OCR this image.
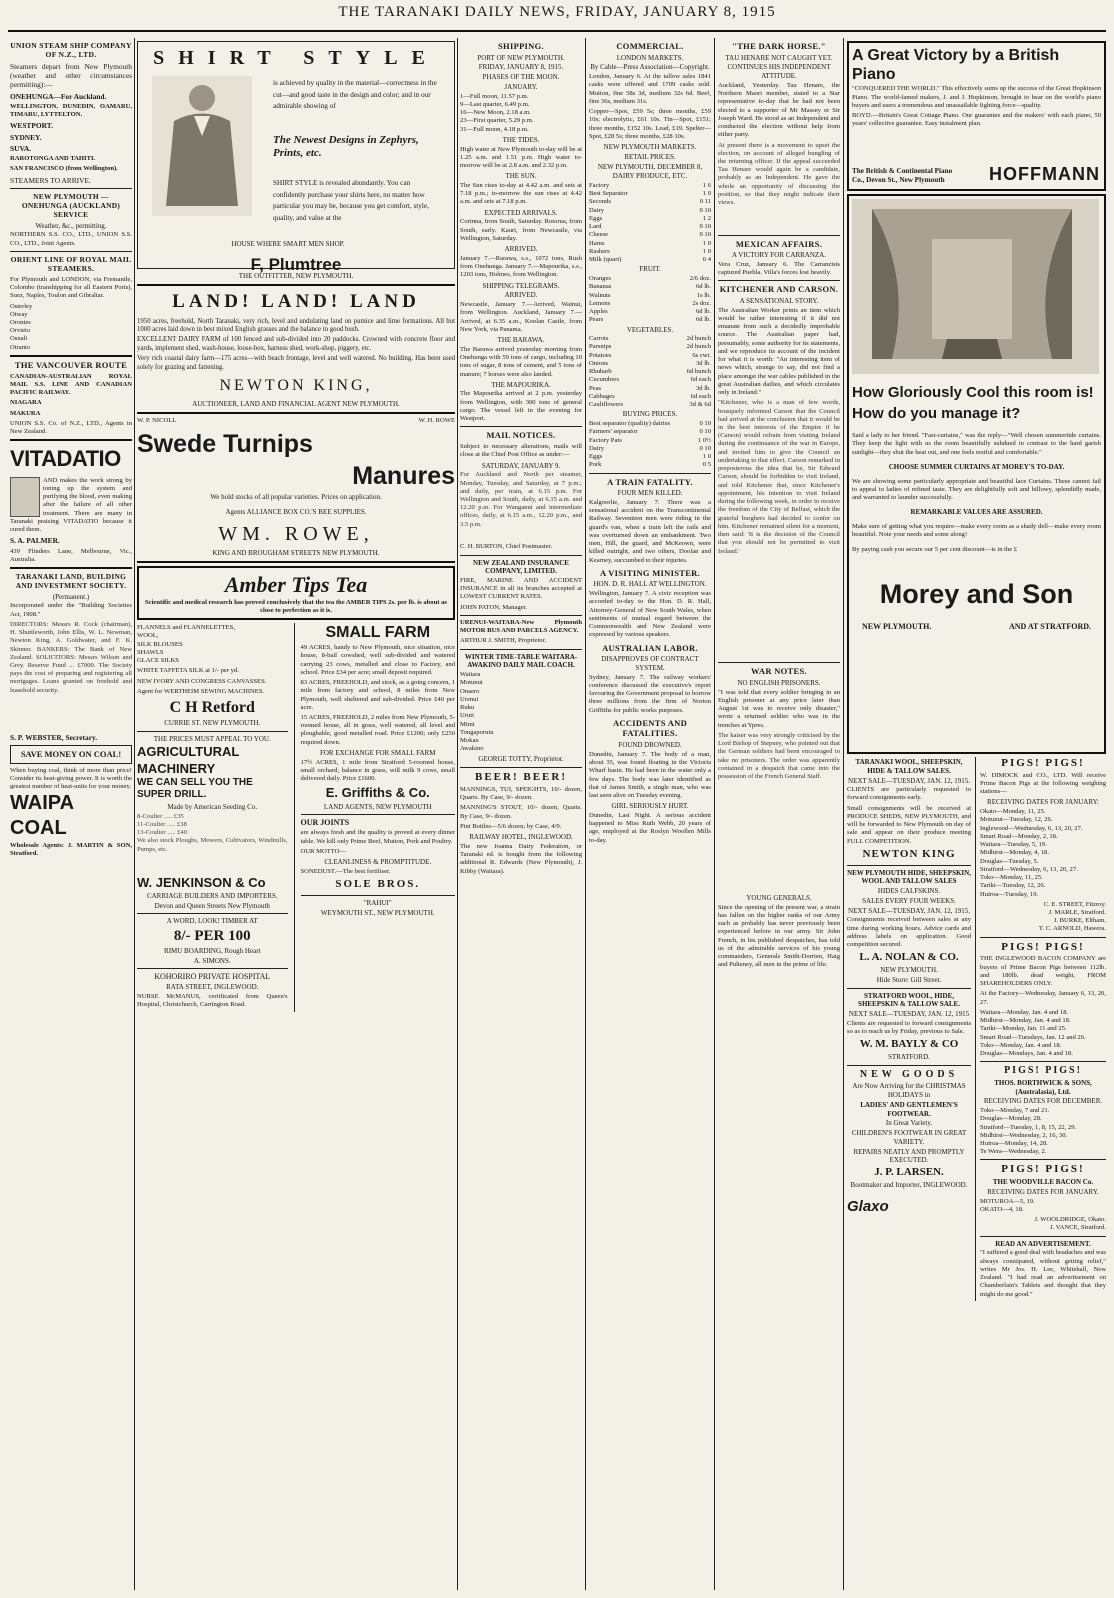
THE TARANAKI DAILY NEWS, FRIDAY, JANUARY 8, 1915
UNION STEAM SHIP COMPANY OF N.Z., LTD.
Steamers depart from New Plymouth (weather and other circumstances permitting):—
ONEHUNGA—For Auckland.
WELLINGTON, DUNEDIN, OAMARU, TIMARU, LYTTELTON.
WESTPORT.
SYDNEY.
SUVA.
RAROTONGA AND TAHITI.
SAN FRANCISCO (from Wellington).
STEAMERS TO ARRIVE.
NEW PLYMOUTH — ONEHUNGA (AUCKLAND) SERVICE
Weather, &c., permitting.
NORTHERN S.S. CO., LTD., UNION S.S. CO., LTD., Joint Agents.
ORIENT LINE OF ROYAL MAIL STEAMERS.
For Plymouth and LONDON, via Fremantle, Colombo (transhipping for all Eastern Ports), Suez, Naples, Toulon and Gibraltar.
Osterley
Otway
Orontes
Orvieto
Osnali
Otranto
THE VANCOUVER ROUTE
CANADIAN-AUSTRALIAN ROYAL MAIL S.S. LINE AND CANADIAN PACIFIC RAILWAY.
NIAGARA
MAKURA
UNION S.S. Co. of N.Z., LTD., Agents in New Zealand.
VITADATIO
AND makes the work strong by toning up the system and purifying the blood, even making after the failure of all other treatment. There are many in Taranaki praising VITADATIO because it cured them.
S. A. PALMER.
439 Flinders Lane, Melbourne, Vic., Australia.
TARANAKI LAND, BUILDING AND INVESTMENT SOCIETY.
(Permanent.)
Incorporated under the "Building Societies Act, 1908."
DIRECTORS: Messrs R. Cock (chairman), H. Shuttleworth, John Ellis, W. L. Newman, Newton King, A. Goldwater, and F. K. Skinner. BANKERS: The Bank of New Zealand. SOLICITORS: Messrs Wilson and Grey. Reserve Fund ... £7000. The Society pays the cost of preparing and registering all mortgages. Loans granted on freehold and leasehold security.
S. P. WEBSTER, Secretary.
SAVE MONEY ON COAL!
When buying coal, think of more than price! Consider its heat-giving power. It is worth the greatest number of heat-units for your money.
WAIPA COAL
Wholesale Agents: J. MARTIN & SON, Stratford.
SHIRT STYLE
is achieved by quality in the material—correctness in the cut—and good taste in the design and color; and in our admirable showing of
The Newest Designs in Zephyrs, Prints, etc.
SHIRT STYLE is revealed abundantly. You can confidently purchase your shirts here, no matter how particular you may be, because you get comfort, style, quality, and value at the
HOUSE WHERE SMART MEN SHOP.
F, Plumtree
THE OUTFITTER, NEW PLYMOUTH.
LAND! LAND! LAND
1950 acres, freehold, North Taranaki, very rich, level and undulating land on pumice and lime formations. All but 1000 acres laid down in best mixed English grasses and the balance in good bush.
EXCELLENT DAIRY FARM of 100 fenced and sub-divided into 20 paddocks. Crowned with concrete floor and yards, implement shed, wash-house, loose-box, harness shed, work-shop, piggery, etc.
Very rich coastal dairy farm—175 acres—with beach frontage, level and well watered. No building. Has been used solely for grazing and fattening.
NEWTON KING,
AUCTIONEER, LAND AND FINANCIAL AGENT NEW PLYMOUTH.
W. P. NICOLL	W. H. ROWE
Swede Turnips
Manures
We hold stocks of all popular varieties. Prices on application.
Agents ALLIANCE BOX CO.'S BEE SUPPLIES.
WM. ROWE,
KING AND BROUGHAM STREETS NEW PLYMOUTH.
Amber Tips Tea
Scientific and medical research has proved conclusively that the tea the AMBER TIPS 2s. per lb. is about as close to perfection as it is.
FLANNELS and FLANNELETTES,
WOOL,
SILK BLOUSES
SHAWLS
GLACE SILKS
WHITE TAFFETA SILK at 1/- per yd.
NEW IVORY AND CONGRESS CANVASSES.
Agent for WERTHEIM SEWING MACHINES.
C H Retford
CURRIE ST. NEW PLYMOUTH.
THE PRICES MUST APPEAL TO YOU.
AGRICULTURAL MACHINERY
WE CAN SELL YOU THE SUPER DRILL.
Made by American Seeding Co.
8-Coulter ..... £35
11-Coulter ..... £38
13-Coulter ..... £40
We also stock Ploughs, Mowers, Cultivators, Windmills, Pumps, etc.
W. JENKINSON & Co
CARRIAGE BUILDERS AND IMPORTERS.
Devon and Queen Streets New Plymouth
A WORD, LOOK! TIMBER AT
8/- PER 100
RIMU BOARDING, Rough Heart
A. SIMONS.
KOHORIRO PRIVATE HOSPITAL
RATA STREET, INGLEWOOD.
NURSE McMANUS, certificated from Queen's Hospital, Christchurch, Carrington Road.
SMALL FARM
49 ACRES, handy to New Plymouth, nice situation, nice house, 8-bail cowshed, well sub-divided and watered carrying 23 cows, metalled and close to Factory, and school. Price £34 per acre; small deposit required.
83 ACRES, FREEHOLD, and stock, as a going concern, 1 mile from factory and school, 8 miles from New Plymouth, well sheltered and sub-divided. Price £40 per acre.
15 ACRES, FREEHOLD, 2 miles from New Plymouth, 5-roomed house, all in grass, well watered, all level and ploughable, good metalled road. Price £1200; only £250 required down.
FOR EXCHANGE FOR SMALL FARM
17½ ACRES, 1 mile from Stratford 5-roomed house, small orchard, balance in grass, will milk 9 cows, small delivered daily. Price £1600.
E. Griffiths & Co.
LAND AGENTS, NEW PLYMOUTH
OUR JOINTS
are always fresh and the quality is proved at every dinner table. We kill only Prime Beef, Mutton, Pork and Poultry.
OUR MOTTO—
CLEANLINESS & PROMPTITUDE.
SONEDUST.—The best fertiliser.
SOLE BROS.
"RAHUI"
WEYMOUTH ST., NEW PLYMOUTH.
SHIPPING.
PORT OF NEW PLYMOUTH.
FRIDAY, JANUARY 8, 1915.
PHASES OF THE MOON.
JANUARY.
1—Full moon, 11.57 p.m.
9—Last quarter, 6.49 p.m.
16—New Moon, 2.18 a.m.
23—First quarter, 5.29 p.m.
31—Full moon, 4.18 p.m.
THE TIDES.
High water at New Plymouth to-day will be at 1.25 a.m. and 1.51 p.m. High water to-morrow will be at 2.8 a.m. and 2.32 p.m.
THE SUN.
The Sun rises to-day at 4.42 a.m. and sets at 7.18 p.m.; to-morrow the sun rises at 4.42 a.m. and sets at 7.18 p.m.
EXPECTED ARRIVALS.
Corinna, from South, Saturday. Rotorua, from South, early. Kauri, from Newcastle, via Wellington, Saturday.
ARRIVED.
January 7.—Rarawa, s.s., 1072 tons, Rush from Onehunga. January 7.—Mapourika, s.s., 1203 tons, Holmes, from Wellington.
SHIPPING TELEGRAMS.
ARRIVED.
Newcastle, January 7.—Arrived, Wainui, from Wellington. Auckland, January 7.—Arrived, at 6.35 a.m., Koolan Castle, from New York, via Panama.
THE BARAWA.
The Barawa arrived yesterday morning from Onehunga with 59 tons of cargo, including 10 tons of sugar, 8 tons of cement, and 5 tons of manure; 7 horses were also landed.
THE MAPOURIKA.
The Mapourika arrived at 2 p.m. yesterday from Wellington, with 300 tons of general cargo. The vessel left in the evening for Westport.
MAIL NOTICES.
Subject to necessary alterations, mails will close at the Chief Post Office as under:—
SATURDAY, JANUARY 9.
For Auckland and North per steamer, Monday, Tuesday, and Saturday, at 7 p.m.; and daily, per train, at 6.15 p.m. For Wellington and South, daily, at 6.15 a.m. and 12.20 p.m. For Wanganui and intermediate offices, daily, at 6.15 a.m., 12.20 p.m., and 3.5 p.m.
C. H. BURTON, Chief Postmaster.
NEW ZEALAND INSURANCE COMPANY, LIMITED.
FIRE, MARINE AND ACCIDENT INSURANCE in all its branches accepted at LOWEST CURRENT RATES.
JOHN PATON, Manager.
URENUI-WAITARA-New Plymouth MOTOR BUS AND PARCELS AGENCY.
ARTHUR J. SMITH, Proprietor.
WINTER TIME-TABLE WAITARA-AWAKINO DAILY MAIL COACH.
Waitara
Motunui
Onaero
Urenui
Ruku
Uruti
Mimi
Tongaporutu
Mokau
Awakino
GEORGE TOTTY, Proprietor.
BEER! BEER!
MANNINGS, TUI, SPEIGHTS, 10/- dozen, Quarts. By Case, 9/- dozen.
MANNING'S STOUT, 10/- dozen, Quarts. By Case, 9/- dozen.
Pint Bottles—5/6 dozen; by Case, 4/9.
RAILWAY HOTEL, INGLEWOOD.
The new Joanna Dairy Federation, or Taranaki ed. is bought from the following additional R. Edwards (New Plymouth), J. Kibby (Waitara).
COMMERCIAL.
LONDON MARKETS.
By Cable—Press Association—Copyright.
London, January 6. At the tallow sales 1841 casks were offered and 1709 casks sold. Mutton, fine 58s 3d, medium 32s 6d. Beef, fine 36s, medium 31s.
Copper—Spot, £59 5s; three months, £59 10s; electrolytic, £61 10s. Tin—Spot, £151; three months, £152 10s. Lead, £19. Spelter—Spot, £28 5s; three months, £28 10s.
NEW PLYMOUTH MARKETS.
RETAIL PRICES.
NEW PLYMOUTH, DECEMBER 8,
DAIRY PRODUCE, ETC.
Factory	1 6
Best Separator	1 0
Seconds	0 11
Dairy	0 10
Eggs	1 2
Lard	0 10
Cheese	0 10
Hams	1 0
Rashers	1 0
Milk (quart)	0 4
FRUIT.
Oranges	2/6 doz.
Bananas	6d lb.
Walnuts	1s lb.
Lemons	2s doz.
Apples	6d lb.
Pears	6d lb.
VEGETABLES.
Carrots	2d bunch
Parsnips	2d bunch
Potatoes	6s cwt.
Onions	3d lb.
Rhubarb	6d bunch
Cucumbers	6d each
Peas	3d lb.
Cabbages	6d each
Cauliflowers	3d & 6d
BUYING PRICES.
Best separator (quality) dairies	0 10
Farmers' separator	0 10
Factory Pats	1 0½
Dairy	0 10
Eggs	1 0
Pork	0 5
A TRAIN FATALITY.
FOUR MEN KILLED.
Kalgoorlie, January 7. There was a sensational accident on the Transcontinental Railway. Seventeen men were riding in the guard's van, when a train left the rails and was overturned down an embankment. Two men, Hill, the guard, and McKeown, were killed outright, and two others, Doolan and Kearney, succumbed to their injuries.
A VISITING MINISTER.
HON. D. R. HALL AT WELLINGTON.
Wellington, January 7. A civic reception was accorded to-day to the Hon. D. R. Hall, Attorney-General of New South Wales, when sentiments of mutual regard between the Commonwealth and New Zealand were expressed by various speakers.
AUSTRALIAN LABOR.
DISAPPROVES OF CONTRACT SYSTEM.
Sydney, January 7. The railway workers' conference discussed the executive's report favouring the Government proposal to borrow three millions from the firm of Norton Griffiths for public works purposes.
ACCIDENTS AND FATALITIES.
FOUND DROWNED.
Dunedin, January 7. The body of a man, about 35, was found floating in the Victoria Wharf basin. He had been in the water only a few days. The body was later identified as that of James Smith, a single man, who was last seen alive on Tuesday evening.
GIRL SERIOUSLY HURT.
Dunedin, Last Night. A serious accident happened to Miss Ruth Webb, 20 years of age, employed at the Roslyn Woollen Mills to-day.
"THE DARK HORSE."
TAU HENARE NOT CAUGHT YET.
CONTINUES HIS INDEPENDENT ATTITUDE.
Auckland, Yesterday. Tau Henare, the Northern Maori member, stated to a Star representative to-day that he had not been elected to a supporter of Mr Massey or Sir Joseph Ward. He stood as an Independent and conducted the election without help from either party.
At present there is a movement to upset the election, on account of alleged bungling of the returning officer. If the appeal succeeded Tau Henare would again be a candidate, probably as an Independent. He gave the whole an opportunity of discussing the position, so that they might indicate their views.
MEXICAN AFFAIRS.
A VICTORY FOR CARRANZA.
Vera Cruz, January 6. The Carranzists captured Puebla. Villa's forces lost heavily.
KITCHENER AND CARSON.
A SENSATIONAL STORY.
The Australian Worker prints an item which would be rather interesting if it did not emanate from such a decidedly improbable source. The Australian paper had, presumably, some authority for its statements, and we reproduce its account of the incident for what it is worth: "An interesting item of news which, strange to say, did not find a place amongst the war cables published in the great Australian dailies, and which circulates only in Ireland."
"Kitchener, who is a man of few words, brusquely informed Carson that the Council had arrived at the conclusion that it would be in the best interests of the Empire if he (Carson) would refrain from visiting Ireland during the continuance of the war in Europe, and invited him to give the Council an undertaking to that effect. Carson remarked in preposterous the idea that he, Sir Edward Carson, should be forbidden to visit Ireland, and told Kitchener that, since Kitchener's appointment, his intention to visit Ireland during the following week, in order to receive the freedom of the City of Belfast, which the grateful burghers had decided to confer on him. Kitchener remained silent for a moment, then said: 'It is the decision of the Council that you should not be permitted to visit Ireland.'
WAR NOTES.
NO ENGLISH PRISONERS.
"I was told that every soldier bringing in an English prisoner at any price later than August 1st was to receive only disaster," wrote a returned soldier who was in the trenches at Ypres.
The kaiser was very strongly criticised by the Lord Bishop of Stepney, who pointed out that the German soldiers had been encouraged to take no prisoners. The order was apparently contained in a despatch that came into the possession of the French General Staff.
YOUNG GENERALS.
Since the opening of the present war, a strain has fallen on the higher ranks of our Army such as probably has never previously been experienced before in our army. Sir John French, in his published despatches, has told us of the admirable services of his young commanders, Generals Smith-Dorrien, Haig and Pulteney, all men in the prime of life.
A Great Victory by a British Piano
"CONQUERED THE WORLD." This effectively sums up the success of the Great Hopkinson Piano. The world-famed makers, J. and J. Hopkinson, brought to bear on the world's piano buyers and users a tremendous and unassailable fighting force—quality.
BOYD.—Britain's Great Cottage Piano. Our guarantee and the makers' with each piano, 50 years' collective guarantee. Easy instalment plan.
The British & Continental Piano Co., Devon St., New Plymouth	HOFFMANN
How Gloriously Cool this room is! How do you manage it?
Said a lady to her friend. "Fast-curtains," was the reply—"Well chosen summertide curtains. They keep the light with us the room beautifully subdued in contrast to the hard garish sunlight—they shut the heat out, and one feels restful and comfortable."
CHOOSE SUMMER CURTAINS AT MOREY'S TO-DAY.
We are showing some particularly appropriate and beautiful lace Curtains. These cannot fail to appeal to ladies of refined taste. They are delightfully soft and billowy, splendidly made, and warranted to launder successfully.
REMARKABLE VALUES ARE ASSURED.
Make sure of getting what you require—make every room as a shady dell—make every room beautiful. Note your needs and some along!
By paying cash you secure our 5 per cent discount—is in the £
Morey and Son
NEW PLYMOUTH.	AND AT STRATFORD.
TARANAKI WOOL, SHEEPSKIN, HIDE & TALLOW SALES.
NEXT SALE—TUESDAY, JAN. 12, 1915.
CLIENTS are particularly requested to forward consignments early.
Small consignments will be received at PRODUCE SHEDS, NEW PLYMOUTH, and will be forwarded to New Plymouth on day of sale and appear on their produce meeting FULL COMPETITION.
NEWTON KING
NEW PLYMOUTH HIDE, SHEEPSKIN, WOOL AND TALLOW SALES
HIDES CALFSKINS.
SALES EVERY FOUR WEEKS.
NEXT SALE—TUESDAY, JAN. 12, 1915.
Consignments received between sales at any time during working hours. Advice cards and address labels on application. Good competition secured.
L. A. NOLAN & CO.
NEW PLYMOUTH.
Hide Store: Gill Street.
STRATFORD WOOL, HIDE, SHEEPSKIN & TALLOW SALE.
NEXT SALE—TUESDAY, JAN. 12, 1915
Clients are requested to forward consignments so as to reach us by Friday, previous to Sale.
W. M. BAYLY & CO
STRATFORD.
NEW GOODS
Are Now Arriving for the CHRISTMAS HOLIDAYS in
LADIES' AND GENTLEMEN'S FOOTWEAR.
In Great Variety.
CHILDREN'S FOOTWEAR IN GREAT VARIETY.
REPAIRS NEATLY AND PROMPTLY EXECUTED.
J. P. LARSEN.
Bootmaker and Importer, INGLEWOOD.
Glaxo
PIGS! PIGS!
W. DIMOCK and CO., LTD. Will receive Prime Bacon Pigs at the following weighing stations—
RECEIVING DATES FOR JANUARY:
Okato—Monday, 11, 25.
Motunui—Tuesday, 12, 26.
Inglewood—Wednesday, 6, 13, 20, 27.
Smart Road—Monday, 2, 18.
Waitara—Tuesday, 5, 19.
Midhirst—Monday, 4, 18.
Douglas—Tuesday, 5.
Stratford—Wednesday, 6, 13, 20, 27.
Toko—Monday, 11, 25.
Tariki—Tuesday, 12, 26.
Huiroa—Tuesday, 19.
C. E. STREET, Fitzroy.
J. MARLE, Stratford.
J. BURKE, Eltham.
T. C. ARNOLD, Hawera.
PIGS! PIGS!
THE INGLEWOOD BACON COMPANY are buyers of Prime Bacon Pigs between 112lb. and 180lb. dead weight, FROM SHAREHOLDERS ONLY.
At the Factory—Wednesday, January 6, 13, 20, 27.
Waitara—Monday, Jan. 4 and 18.
Midhirst—Monday, Jan. 4 and 18.
Tariki—Monday, Jan. 11 and 25.
Smart Road—Tuesdays, Jan. 12 and 26.
Toko—Monday, Jan. 4 and 18.
Douglas—Mondays, Jan. 4 and 18.
PIGS! PIGS!
THOS. BORTHWICK & SONS, (Australasia), Ltd.
RECEIVING DATES FOR DECEMBER.
Toko—Monday, 7 and 21.
Douglas—Monday, 28.
Stratford—Tuesday, 1, 8, 15, 22, 29.
Midhirst—Wednesday, 2, 16, 30.
Huiroa—Monday, 14, 28.
Te Wera—Wednesday, 2.
PIGS! PIGS!
THE WOODVILLE BACON Co.
RECEIVING DATES FOR JANUARY.
MOTUROA—5, 19.
OKATO—4, 18.
J. WOOLDRIDGE, Okato.
J. VANCE, Stratford.
READ AN ADVERTISEMENT.
"I suffered a good deal with headaches and was always constipated, without getting relief," writes Mr Jos. H. Lee, Whitehall, New Zealand. "I had read an advertisement on Chamberlain's Tablets and thought that they might do me good."
